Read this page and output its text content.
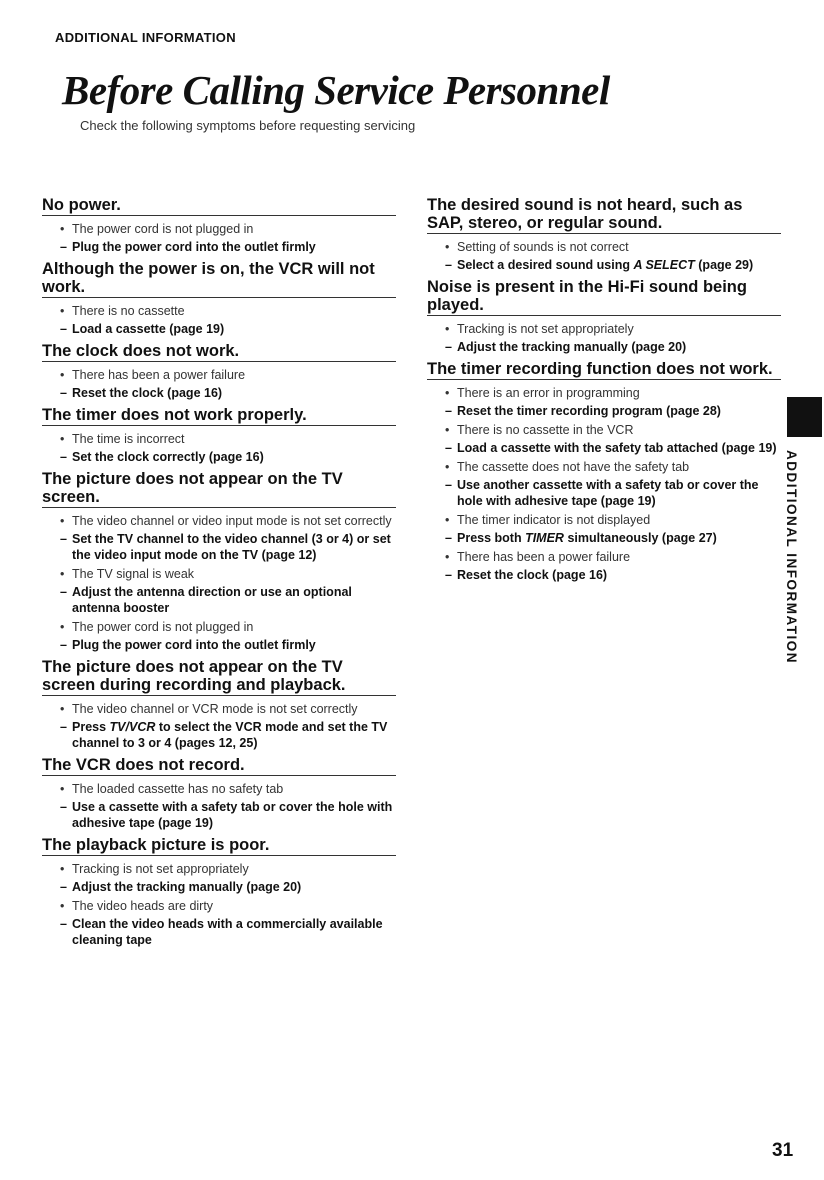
ADDITIONAL INFORMATION
Before Calling Service Personnel
Check the following symptoms before requesting servicing
No power.
• The power cord is not plugged in
– Plug the power cord into the outlet firmly
Although the power is on, the VCR will not work.
• There is no cassette
– Load a cassette (page 19)
The clock does not work.
• There has been a power failure
– Reset the clock (page 16)
The timer does not work properly.
• The time is incorrect
– Set the clock correctly (page 16)
The picture does not appear on the TV screen.
• The video channel or video input mode is not set correctly
– Set the TV channel to the video channel (3 or 4) or set the video input mode on the TV (page 12)
• The TV signal is weak
– Adjust the antenna direction or use an optional antenna booster
• The power cord is not plugged in
– Plug the power cord into the outlet firmly
The picture does not appear on the TV screen during recording and playback.
• The video channel or VCR mode is not set correctly
– Press TV/VCR to select the VCR mode and set the TV channel to 3 or 4 (pages 12, 25)
The VCR does not record.
• The loaded cassette has no safety tab
– Use a cassette with a safety tab or cover the hole with adhesive tape (page 19)
The playback picture is poor.
• Tracking is not set appropriately
– Adjust the tracking manually (page 20)
• The video heads are dirty
– Clean the video heads with a commercially available cleaning tape
The desired sound is not heard, such as SAP, stereo, or regular sound.
• Setting of sounds is not correct
– Select a desired sound using A SELECT (page 29)
Noise is present in the Hi-Fi sound being played.
• Tracking is not set appropriately
– Adjust the tracking manually (page 20)
The timer recording function does not work.
• There is an error in programming
– Reset the timer recording program (page 28)
• There is no cassette in the VCR
– Load a cassette with the safety tab attached (page 19)
• The cassette does not have the safety tab
– Use another cassette with a safety tab or cover the hole with adhesive tape (page 19)
• The timer indicator is not displayed
– Press both TIMER simultaneously (page 27)
• There has been a power failure
– Reset the clock (page 16)	ADDITIONAL INFORMATION
31
